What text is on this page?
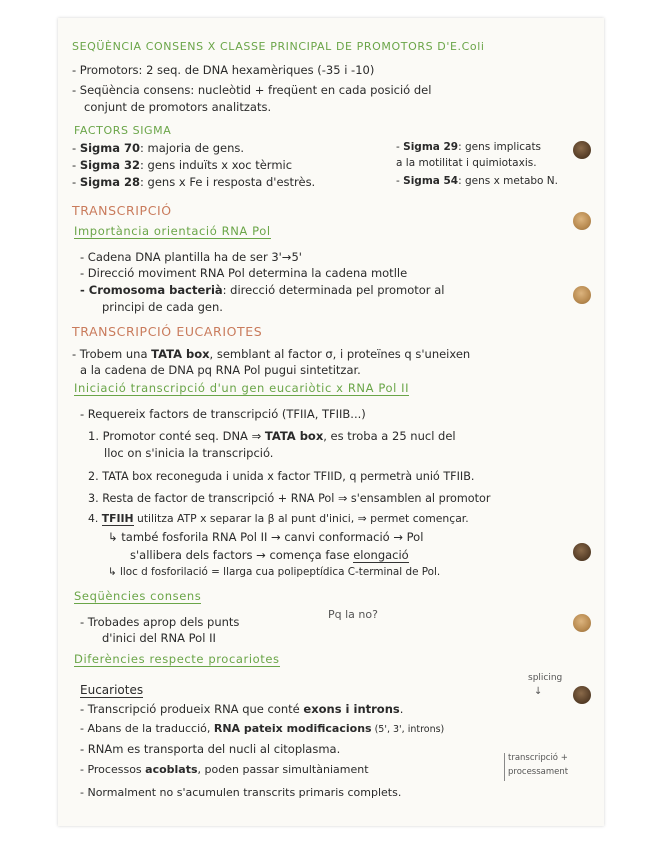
SEQÜÈNCIA CONSENS X CLASSE PRINCIPAL DE PROMOTORS D'E.Coli
- Promotors: 2 seq. de DNA hexamèriques (-35 i -10)
- Seqüència consens: nucleòtid + freqüent en cada posició del
conjunt de promotors analitzats.
FACTORS SIGMA
- Sigma 70: majoria de gens.
- Sigma 32: gens induïts x xoc tèrmic
- Sigma 28: gens x Fe i resposta d'estrès.
- Sigma 29: gens implicats
a la motilitat i quimiotaxis.
- Sigma 54: gens x metabo N.
TRANSCRIPCIÓ
Importància orientació RNA Pol
- Cadena DNA plantilla ha de ser 3'→5'
- Direcció moviment RNA Pol determina la cadena motlle
- Cromosoma bacterià: direcció determinada pel promotor al
principi de cada gen.
TRANSCRIPCIÓ EUCARIOTES
- Trobem una TATA box, semblant al factor σ, i proteïnes q s'uneixen
a la cadena de DNA pq RNA Pol pugui sintetitzar.
Iniciació transcripció d'un gen eucariòtic x RNA Pol II
- Requereix factors de transcripció (TFIIA, TFIIB...)
1. Promotor conté seq. DNA ⇒ TATA box, es troba a 25 nucl del
lloc on s'inicia la transcripció.
2. TATA box reconeguda i unida x factor TFIID, q permetrà unió TFIIB.
3. Resta de factor de transcripció + RNA Pol ⇒ s'ensamblen al promotor
4. TFIIH utilitza ATP x separar la β al punt d'inici, ⇒ permet començar.
↳ també fosforila RNA Pol II → canvi conformació → Pol
s'allibera dels factors → comença fase elongació
↳ lloc d fosforilació = llarga cua polipeptídica C-terminal de Pol.
Seqüències consens
- Trobades aprop dels punts
d'inici del RNA Pol II
Pq la no?
Diferències respecte procariotes
Eucariotes
splicing
↓
- Transcripció produeix RNA que conté exons i introns.
- Abans de la traducció, RNA pateix modificacions (5', 3', introns)
- RNAm es transporta del nucli al citoplasma.
- Processos acoblats, poden passar simultàniament
transcripció +
processament
- Normalment no s'acumulen transcrits primaris complets.
